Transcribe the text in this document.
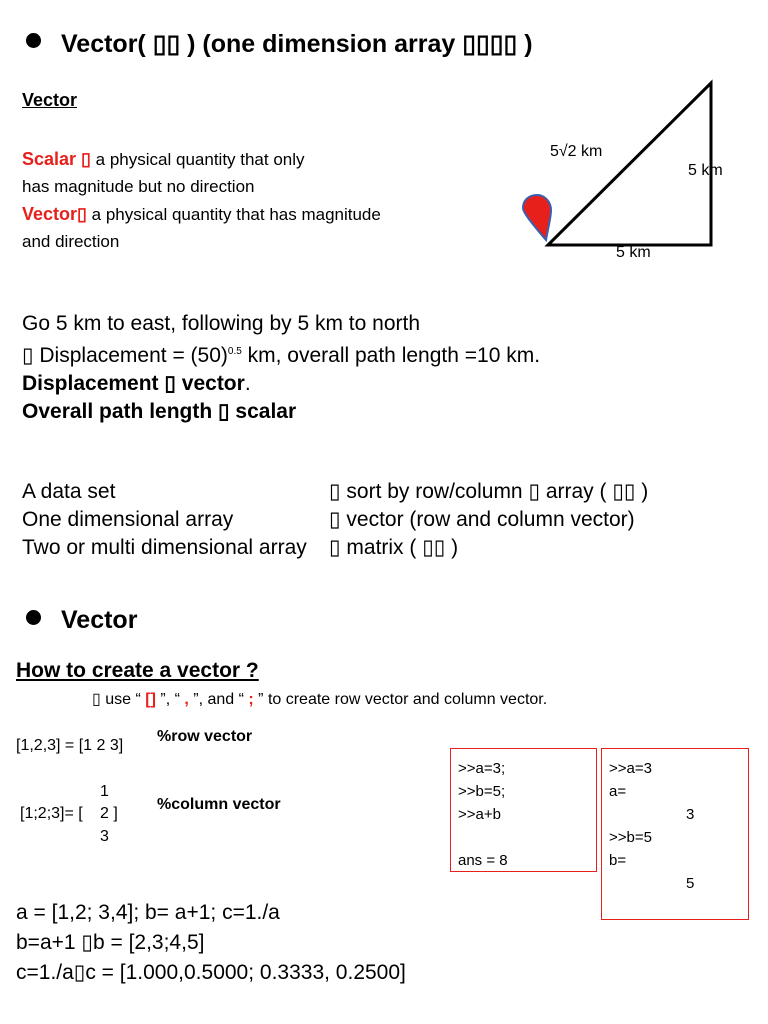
Vector( ▯▯ ) (one dimension array ▯▯▯▯ )
Vector
Scalar ▯ a physical quantity that only
has magnitude but no direction
Vector▯ a physical quantity that has magnitude
and direction
5√2 km
5 km
5 km
Go 5 km to east, following by 5 km to north
▯ Displacement = $(50)^{0.5}$ km, overall path length =10 km.
Displacement ▯ vector.
Overall path length ▯ scalar
A data set
One dimensional array
Two or multi dimensional array
▯ sort by row/column ▯ array ( ▯▯ )
▯ vector (row and column vector)
▯ matrix ( ▯▯ )
Vector
How to create a vector ?
▯ use “ [] ”, “ , ”, and “ ; ” to create row vector and column vector.
[1,2,3] = [1 2 3]
%row vector
1
[1;2;3]= [ 2 ]
3
%column vector
>>a=3;
>>b=5;
>>a+b
ans = 8
>>a=3
a=
3
>>b=5
b=
5
a = [1,2; 3,4]; b= a+1; c=1./a
b=a+1 ▯b = [2,3;4,5]
c=1./a▯c = [1.000,0.5000; 0.3333, 0.2500]
